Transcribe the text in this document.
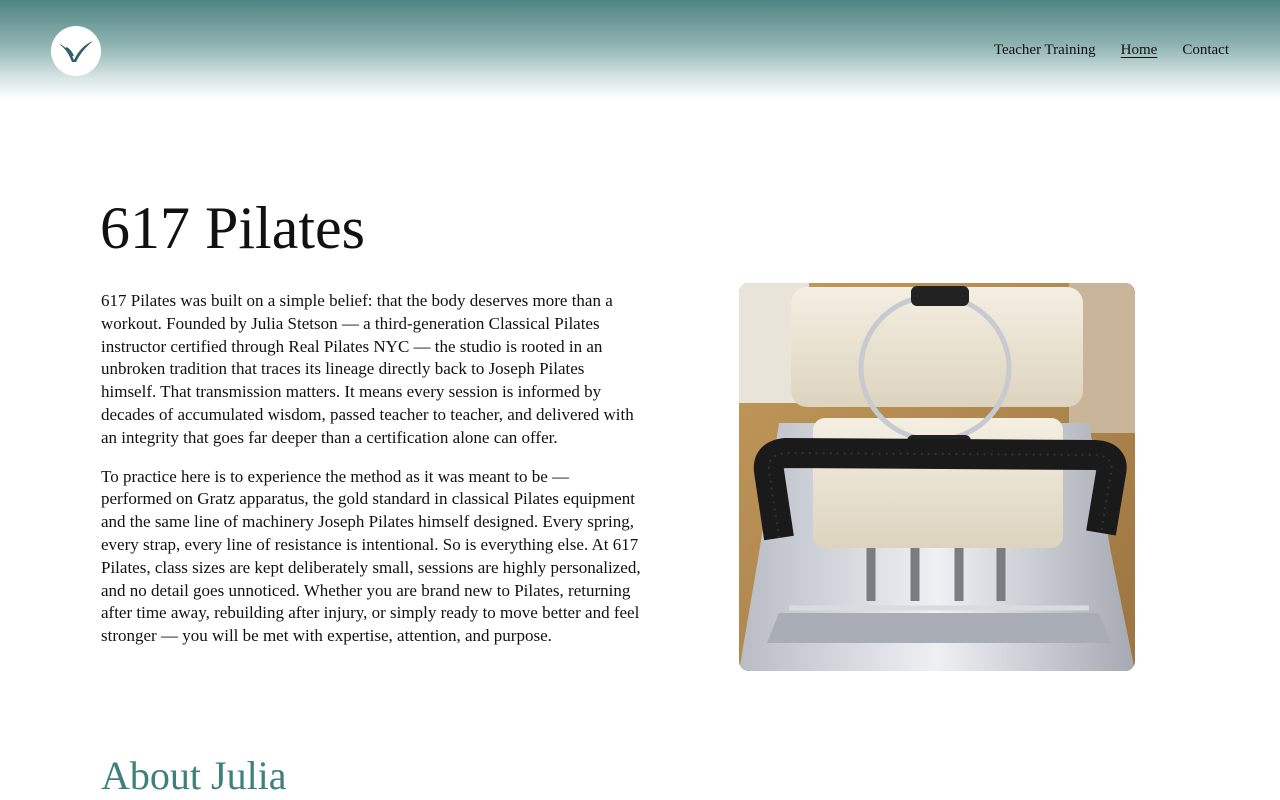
Teacher Training Home Contact
617 Pilates

617 Pilates was built on a simple belief: that the body deserves more than a workout. Founded by Julia Stetson — a third-generation Classical Pilates instructor certified through Real Pilates NYC — the studio is rooted in an unbroken tradition that traces its lineage directly back to Joseph Pilates himself. That transmission matters. It means every session is informed by decades of accumulated wisdom, passed teacher to teacher, and delivered with an integrity that goes far deeper than a certification alone can offer.

To practice here is to experience the method as it was meant to be — performed on Gratz apparatus, the gold standard in classical Pilates equipment and the same line of machinery Joseph Pilates himself designed. Every spring, every strap, every line of resistance is intentional. So is everything else. At 617 Pilates, class sizes are kept deliberately small, sessions are highly personalized, and no detail goes unnoticed. Whether you are brand new to Pilates, returning after time away, rebuilding after injury, or simply ready to move better and feel stronger — you will be met with expertise, attention, and purpose.

About Julia
